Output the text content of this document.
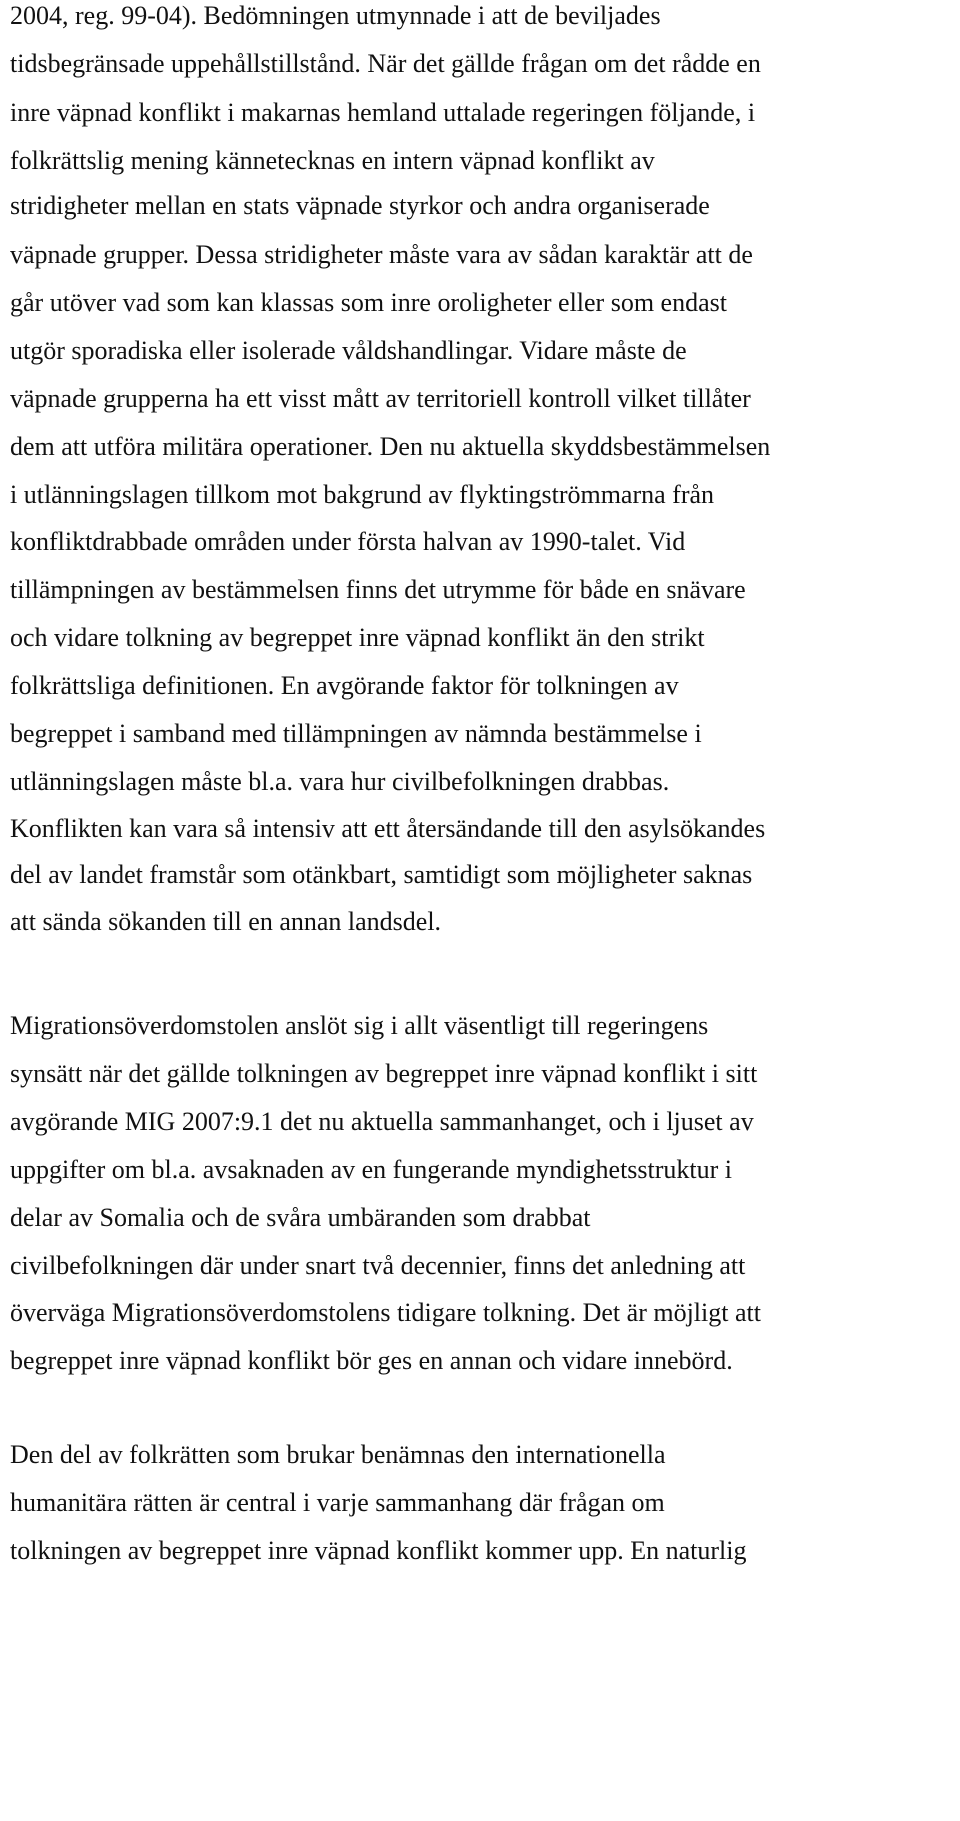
2004, reg. 99-04). Bedömningen utmynnade i att de beviljades
tidsbegränsade uppehållstillstånd. När det gällde frågan om det rådde en
inre väpnad konflikt i makarnas hemland uttalade regeringen följande, i
folkrättslig mening kännetecknas en intern väpnad konflikt av
stridigheter mellan en stats väpnade styrkor och andra organiserade
väpnade grupper. Dessa stridigheter måste vara av sådan karaktär att de
går utöver vad som kan klassas som inre oroligheter eller som endast
utgör sporadiska eller isolerade våldshandlingar. Vidare måste de
väpnade grupperna ha ett visst mått av territoriell kontroll vilket tillåter
dem att utföra militära operationer. Den nu aktuella skyddsbestämmelsen
i utlänningslagen tillkom mot bakgrund av flyktingströmmarna från
konfliktdrabbade områden under första halvan av 1990-talet. Vid
tillämpningen av bestämmelsen finns det utrymme för både en snävare
och vidare tolkning av begreppet inre väpnad konflikt än den strikt
folkrättsliga definitionen. En avgörande faktor för tolkningen av
begreppet i samband med tillämpningen av nämnda bestämmelse i
utlänningslagen måste bl.a. vara hur civilbefolkningen drabbas.
Konflikten kan vara så intensiv att ett återsändande till den asylsökandes
del av landet framstår som otänkbart, samtidigt som möjligheter saknas
att sända sökanden till en annan landsdel.
Migrationsöverdomstolen anslöt sig i allt väsentligt till regeringens
synsätt när det gällde tolkningen av begreppet inre väpnad konflikt i sitt
avgörande MIG 2007:9.1 det nu aktuella sammanhanget, och i ljuset av
uppgifter om bl.a. avsaknaden av en fungerande myndighetsstruktur i
delar av Somalia och de svåra umbäranden som drabbat
civilbefolkningen där under snart två decennier, finns det anledning att
överväga Migrationsöverdomstolens tidigare tolkning. Det är möjligt att
begreppet inre väpnad konflikt bör ges en annan och vidare innebörd.
Den del av folkrätten som brukar benämnas den internationella
humanitära rätten är central i varje sammanhang där frågan om
tolkningen av begreppet inre väpnad konflikt kommer upp. En naturlig
